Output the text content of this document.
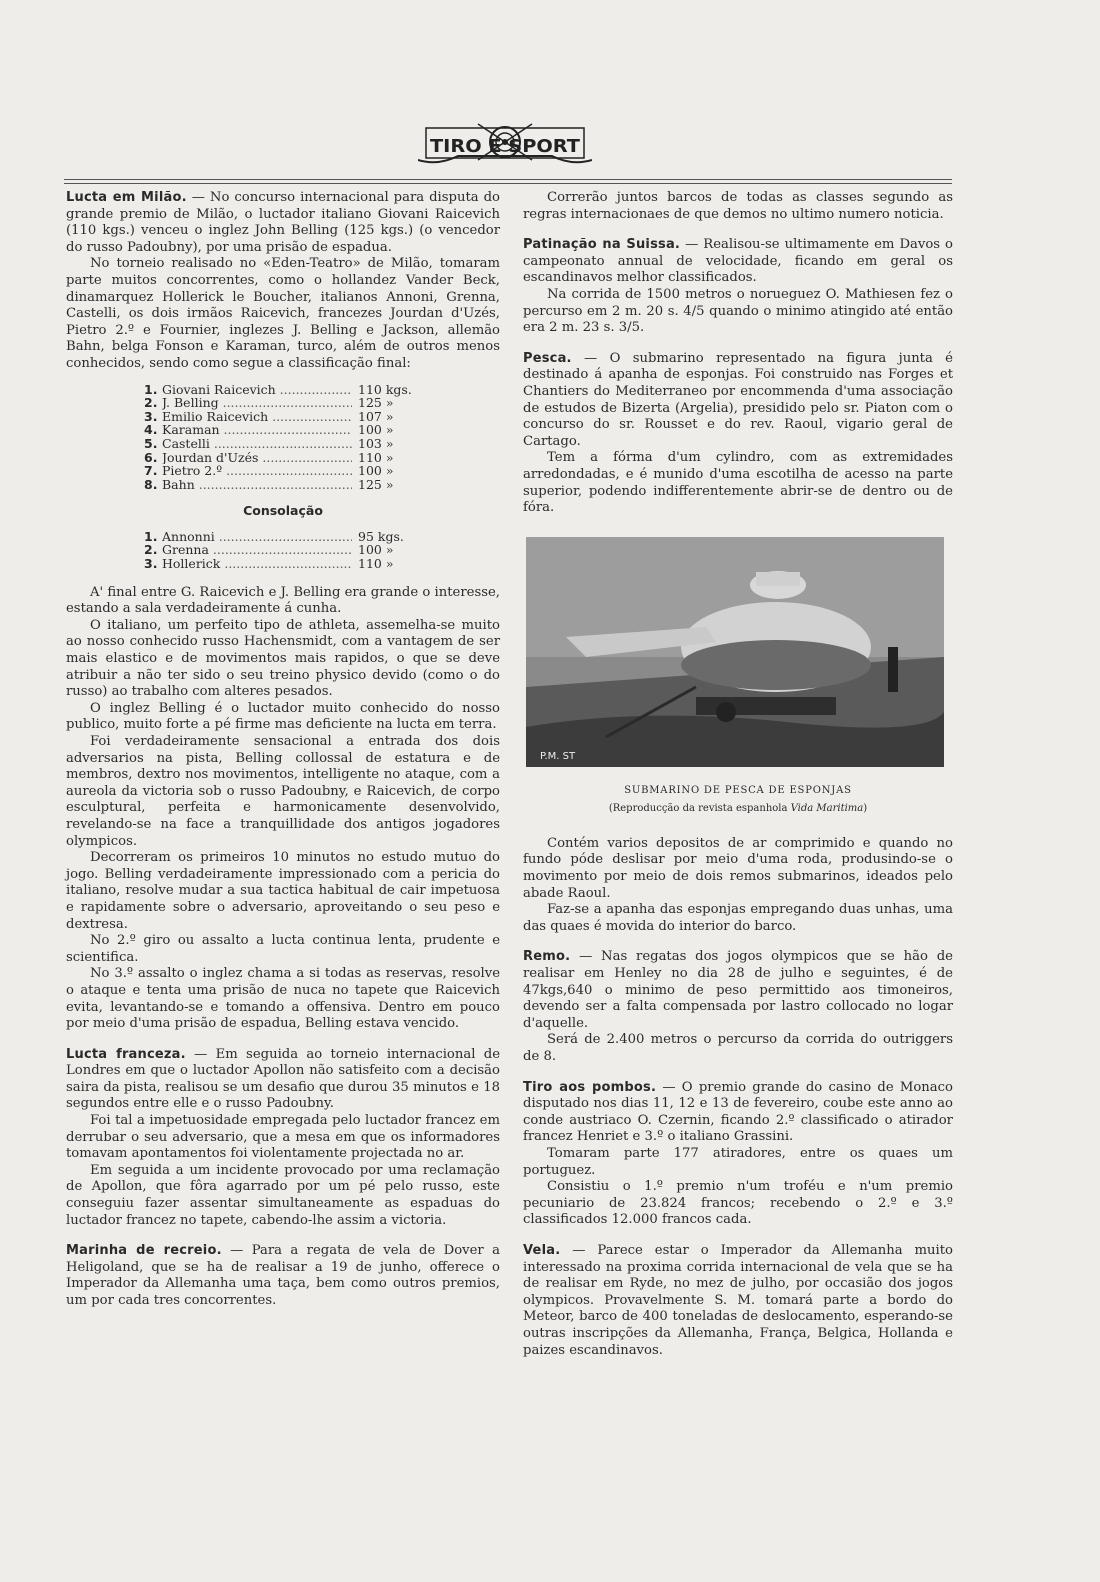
TIRO E SPORT

Lucta em Milão. — No concurso internacional para disputa do grande premio de Milão, o luctador italiano Giovani Raicevich (110 kgs.) venceu o inglez John Belling (125 kgs.) (o vencedor do russo Padoubny), por uma prisão de espadua.

No torneio realisado no «Eden-Teatro» de Milão, tomaram parte muitos concorrentes, como o hollandez Vander Beck, dinamarquez Hollerick le Boucher, italianos Annoni, Grenna, Castelli, os dois irmãos Raicevich, francezes Jourdan d'Uzés, Pietro 2.º e Fournier, inglezes J. Belling e Jackson, allemão Bahn, belga Fonson e Karaman, turco, além de outros menos conhecidos, sendo como segue a classificação final:

1. Giovani Raicevich .....	110 kgs.
2. J. Belling .....	125 »
3. Emilio Raicevich .....	107 »
4. Karaman .....	100 »
5. Castelli .....	103 »
6. Jourdan d'Uzés .....	110 »
7. Pietro 2.º .....	100 »
8. Bahn .....	125 »
Consolação
1. Annonni .....	95 kgs.
2. Grenna .....	100 »
3. Hollerick .....	110 »

A' final entre G. Raicevich e J. Belling era grande o interesse, estando a sala verdadeiramente á cunha.

O italiano, um perfeito tipo de athleta, assemelha-se muito ao nosso conhecido russo Hachensmidt, com a vantagem de ser mais elastico e de movimentos mais rapidos, o que se deve atribuir a não ter sido o seu treino physico devido (como o do russo) ao trabalho com alteres pesados.

O inglez Belling é o luctador muito conhecido do nosso publico, muito forte a pé firme mas deficiente na lucta em terra.

Foi verdadeiramente sensacional a entrada dos dois adversarios na pista, Belling collossal de estatura e de membros, dextro nos movimentos, intelligente no ataque, com a aureola da victoria sob o russo Padoubny, e Raicevich, de corpo esculptural, perfeita e harmonicamente desenvolvido, revelando-se na face a tranquillidade dos antigos jogadores olympicos.

Decorreram os primeiros 10 minutos no estudo mutuo do jogo. Belling verdadeiramente impressionado com a pericia do italiano, resolve mudar a sua tactica habitual de cair impetuosa e rapidamente sobre o adversario, aproveitando o seu peso e dextresa.

No 2.º giro ou assalto a lucta continua lenta, prudente e scientifica.

No 3.º assalto o inglez chama a si todas as reservas, resolve o ataque e tenta uma prisão de nuca no tapete que Raicevich evita, levantando-se e tomando a offensiva. Dentro em pouco por meio d'uma prisão de espadua, Belling estava vencido.

Lucta franceza. — Em seguida ao torneio internacional de Londres em que o luctador Apollon não satisfeito com a decisão saira da pista, realisou se um desafio que durou 35 minutos e 18 segundos entre elle e o russo Padoubny.

Foi tal a impetuosidade empregada pelo luctador francez em derrubar o seu adversario, que a mesa em que os informadores tomavam apontamentos foi violentamente projectada no ar.

Em seguida a um incidente provocado por uma reclamação de Apollon, que fôra agarrado por um pé pelo russo, este conseguiu fazer assentar simultaneamente as espaduas do luctador francez no tapete, cabendo-lhe assim a victoria.

Marinha de recreio. — Para a regata de vela de Dover a Heligoland, que se ha de realisar a 19 de junho, offerece o Imperador da Allemanha uma taça, bem como outros premios, um por cada tres concorrentes.

Correrão juntos barcos de todas as classes segundo as regras internacionaes de que demos no ultimo numero noticia.

Patinação na Suissa. — Realisou-se ultimamente em Davos o campeonato annual de velocidade, ficando em geral os escandinavos melhor classificados.

Na corrida de 1500 metros o norueguez O. Mathiesen fez o percurso em 2 m. 20 s. 4/5 quando o minimo atingido até então era 2 m. 23 s. 3/5.

Pesca. — O submarino representado na figura junta é destinado á apanha de esponjas. Foi construido nas Forges et Chantiers do Mediterraneo por encommenda d'uma associação de estudos de Bizerta (Argelia), presidido pelo sr. Piaton com o concurso do sr. Rousset e do rev. Raoul, vigario geral de Cartago.

Tem a fórma d'um cylindro, com as extremidades arredondadas, e é munido d'uma escotilha de acesso na parte superior, podendo indifferentemente abrir-se de dentro ou de fóra.

P.M. ST
SUBMARINO DE PESCA DE ESPONJAS
(Reproducção da revista espanhola Vida Maritima)

Contém varios depositos de ar comprimido e quando no fundo póde deslisar por meio d'uma roda, produsindo-se o movimento por meio de dois remos submarinos, ideados pelo abade Raoul.

Faz-se a apanha das esponjas empregando duas unhas, uma das quaes é movida do interior do barco.

Remo. — Nas regatas dos jogos olympicos que se hão de realisar em Henley no dia 28 de julho e seguintes, é de 47kgs,640 o minimo de peso permittido aos timoneiros, devendo ser a falta compensada por lastro collocado no logar d'aquelle.

Será de 2.400 metros o percurso da corrida do outriggers de 8.

Tiro aos pombos. — O premio grande do casino de Monaco disputado nos dias 11, 12 e 13 de fevereiro, coube este anno ao conde austriaco O. Czernin, ficando 2.º classificado o atirador francez Henriet e 3.º o italiano Grassini.

Tomaram parte 177 atiradores, entre os quaes um portuguez.

Consistiu o 1.º premio n'um troféu e n'um premio pecuniario de 23.824 francos; recebendo o 2.º e 3.º classificados 12.000 francos cada.

Vela. — Parece estar o Imperador da Allemanha muito interessado na proxima corrida internacional de vela que se ha de realisar em Ryde, no mez de julho, por occasião dos jogos olympicos. Provavelmente S. M. tomará parte a bordo do Meteor, barco de 400 toneladas de deslocamento, esperando-se outras inscripções da Allemanha, França, Belgica, Hollanda e paizes escandinavos.
